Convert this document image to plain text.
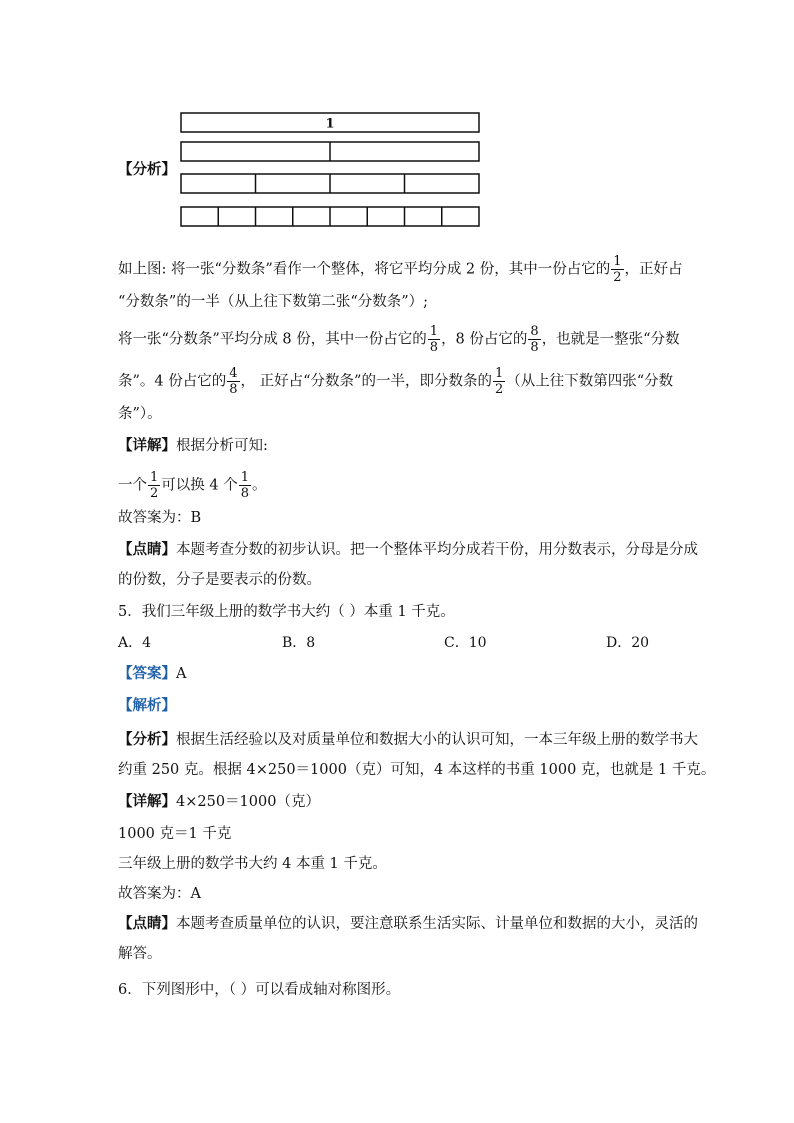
【分析】
1
如上图: 将一张“分数条”看作一个整体，将它平均分成 2 份，其中一份占它的 $\frac{1}{2}$ ，正好占
“分数条”的一半（从上往下数第二张“分数条”）;
将一张“分数条”平均分成 8 份，其中一份占它的 $\frac{1}{8}$ ，8 份占它的 $\frac{8}{8}$ ，也就是一整张“分数
条”。4 份占它的 $\frac{4}{8}$ ， 正好占“分数条”的一半，即分数条的 $\frac{1}{2}$ （从上往下数第四张“分数
条”）。
【详解】根据分析可知:
一个 $\frac{1}{2}$ 可以换 4 个 $\frac{1}{8}$ 。
故答案为：B
【点睛】本题考查分数的初步认识。把一个整体平均分成若干份，用分数表示，分母是分成
的份数，分子是要表示的份数。
5．我们三年级上册的数学书大约（ ）本重 1 千克。
A．4	B．8	C．10	D．20
【答案】A
【解析】
【分析】根据生活经验以及对质量单位和数据大小的认识可知，一本三年级上册的数学书大
约重 250 克。根据 4×250＝1000（克）可知，4 本这样的书重 1000 克，也就是 1 千克。
【详解】4×250＝1000（克）
1000 克＝1 千克
三年级上册的数学书大约 4 本重 1 千克。
故答案为：A
【点睛】本题考查质量单位的认识，要注意联系生活实际、计量单位和数据的大小，灵活的
解答。
6．下列图形中，（ ）可以看成轴对称图形。
